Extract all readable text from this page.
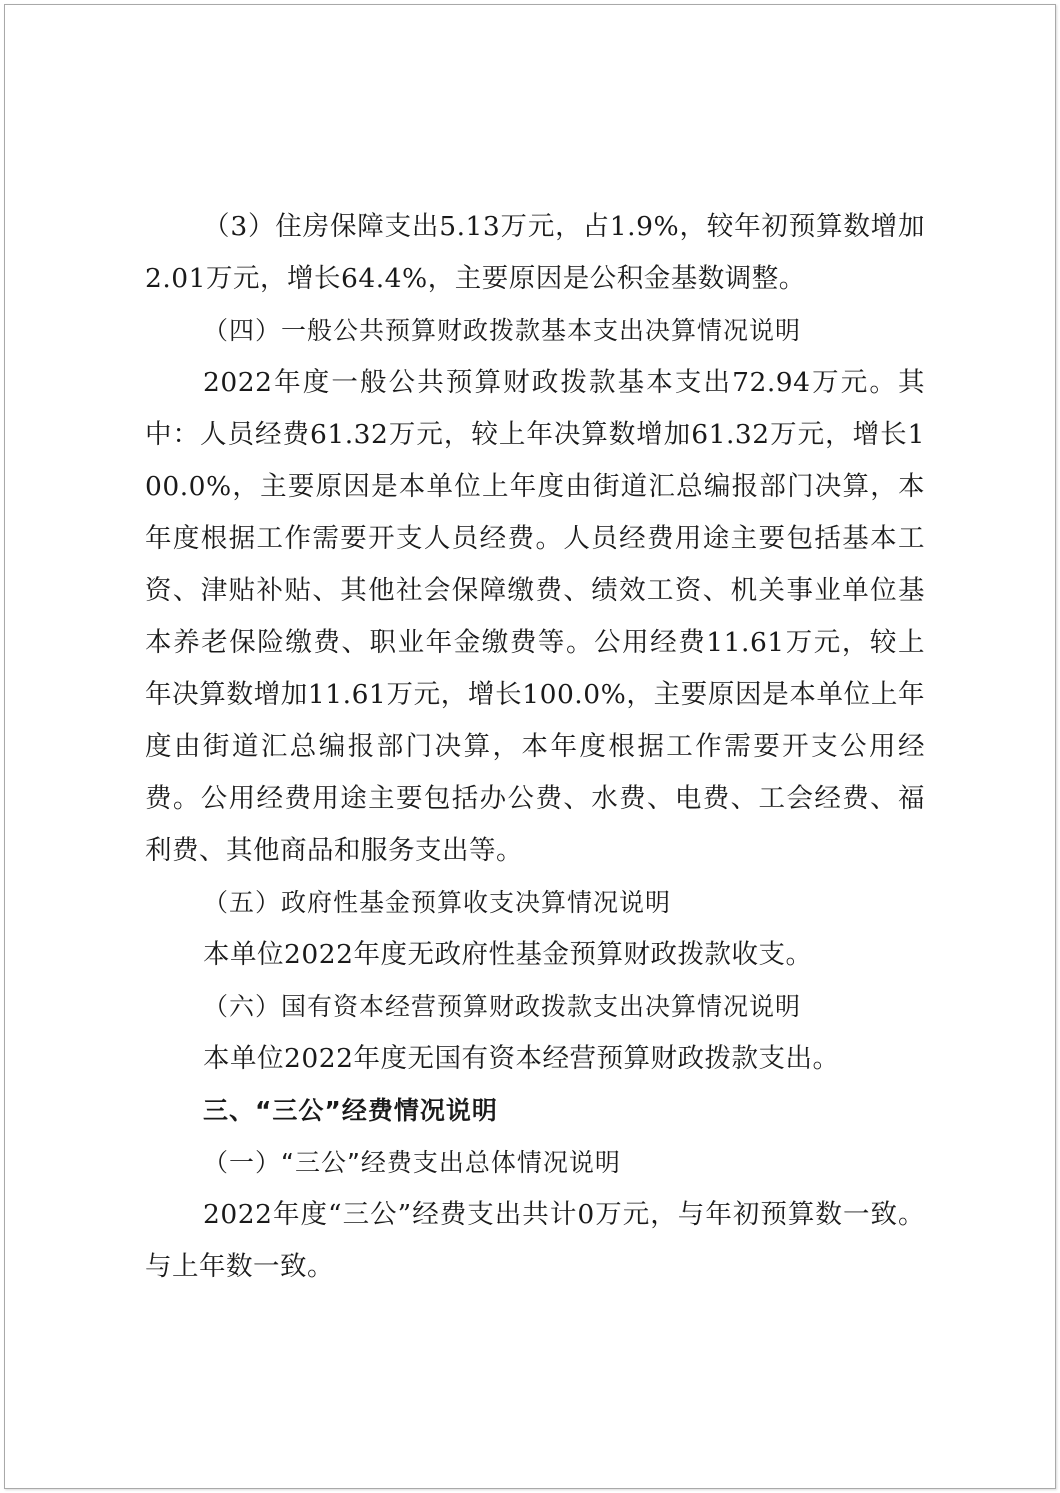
（3）住房保障支出5.13万元，占1.9%，较年初预算数增加2.01万元，增长64.4%，主要原因是公积金基数调整。

（四）一般公共预算财政拨款基本支出决算情况说明

2022年度一般公共预算财政拨款基本支出72.94万元。其中：人员经费61.32万元，较上年决算数增加61.32万元，增长100.0%，主要原因是本单位上年度由街道汇总编报部门决算，本年度根据工作需要开支人员经费。人员经费用途主要包括基本工资、津贴补贴、其他社会保障缴费、绩效工资、机关事业单位基本养老保险缴费、职业年金缴费等。公用经费11.61万元，较上年决算数增加11.61万元，增长100.0%，主要原因是本单位上年度由街道汇总编报部门决算，本年度根据工作需要开支公用经费。公用经费用途主要包括办公费、水费、电费、工会经费、福利费、其他商品和服务支出等。

（五）政府性基金预算收支决算情况说明

本单位2022年度无政府性基金预算财政拨款收支。

（六）国有资本经营预算财政拨款支出决算情况说明

本单位2022年度无国有资本经营预算财政拨款支出。

三、“三公”经费情况说明

（一）“三公”经费支出总体情况说明

2022年度“三公”经费支出共计0万元，与年初预算数一致。与上年数一致。
